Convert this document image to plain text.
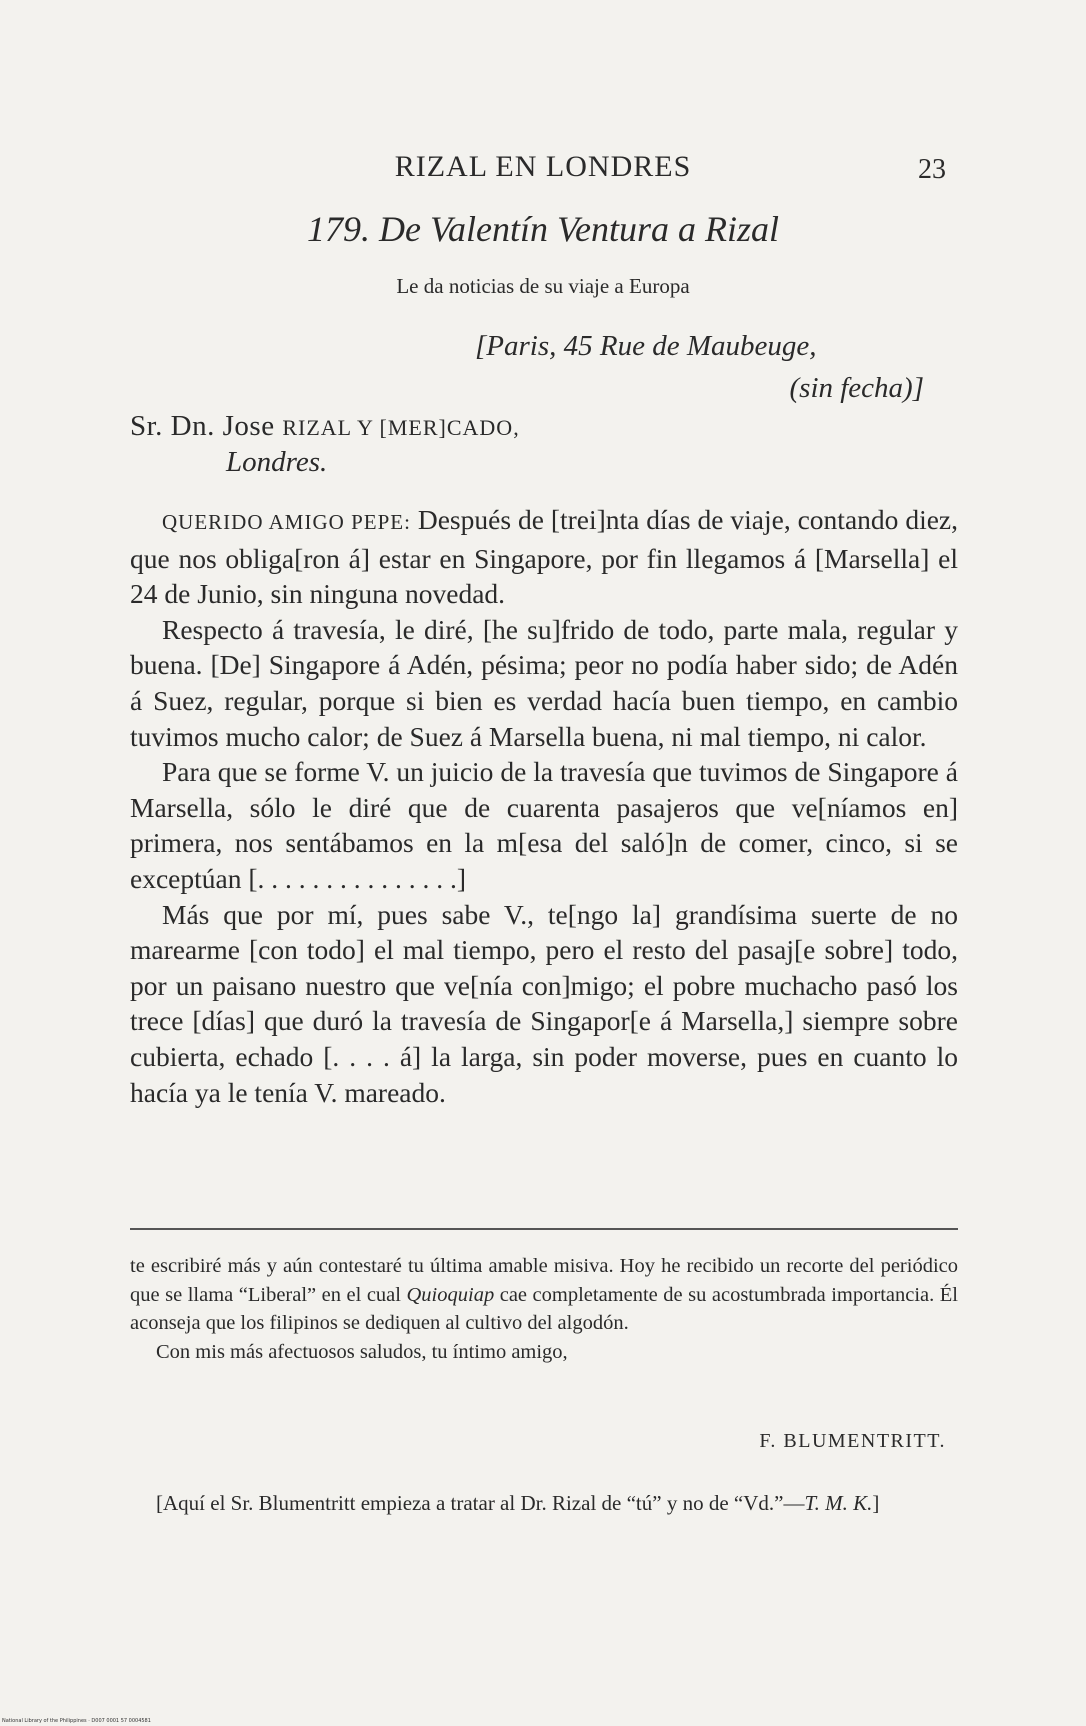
RIZAL EN LONDRES	23
179. De Valentín Ventura a Rizal
Le da noticias de su viaje a Europa
[Paris, 45 Rue de Maubeuge,
(sin fecha)]
Sr. Dn. Jose RIZAL Y [MER]CADO,
Londres.

QUERIDO AMIGO PEPE: Después de [trei]nta días de viaje, contando diez, que nos obliga[ron á] estar en Singapore, por fin llegamos á [Marsella] el 24 de Junio, sin ninguna novedad.

Respecto á travesía, le diré, [he su]frido de todo, parte mala, regular y buena. [De] Singapore á Adén, pésima; peor no podía haber sido; de Adén á Suez, regular, porque si bien es verdad hacía buen tiempo, en cambio tuvimos mucho calor; de Suez á Marsella buena, ni mal tiempo, ni calor.

Para que se forme V. un juicio de la travesía que tuvimos de Singapore á Marsella, sólo le diré que de cuarenta pasajeros que ve[níamos en] primera, nos sentábamos en la m[esa del saló]n de comer, cinco, si se exceptúan [. . . . . . . . . . . . . . .]

Más que por mí, pues sabe V., te[ngo la] grandísima suerte de no marearme [con todo] el mal tiempo, pero el resto del pasaj[e sobre] todo, por un paisano nuestro que ve[nía con]migo; el pobre muchacho pasó los trece [días] que duró la travesía de Singapor[e á Marsella,] siempre sobre cubierta, echado [. . . . á] la larga, sin poder moverse, pues en cuanto lo hacía ya le tenía V. mareado.

te escribiré más y aún contestaré tu última amable misiva. Hoy he recibido un recorte del periódico que se llama “Liberal” en el cual Quioquiap cae completamente de su acostumbrada importancia. Él aconseja que los filipinos se dediquen al cultivo del algodón.

Con mis más afectuosos saludos, tu íntimo amigo,

F. BLUMENTRITT.
[Aquí el Sr. Blumentritt empieza a tratar al Dr. Rizal de “tú” y no de “Vd.”—T. M. K.]
National Library of the Philippines · D007 0001 57 0004581
